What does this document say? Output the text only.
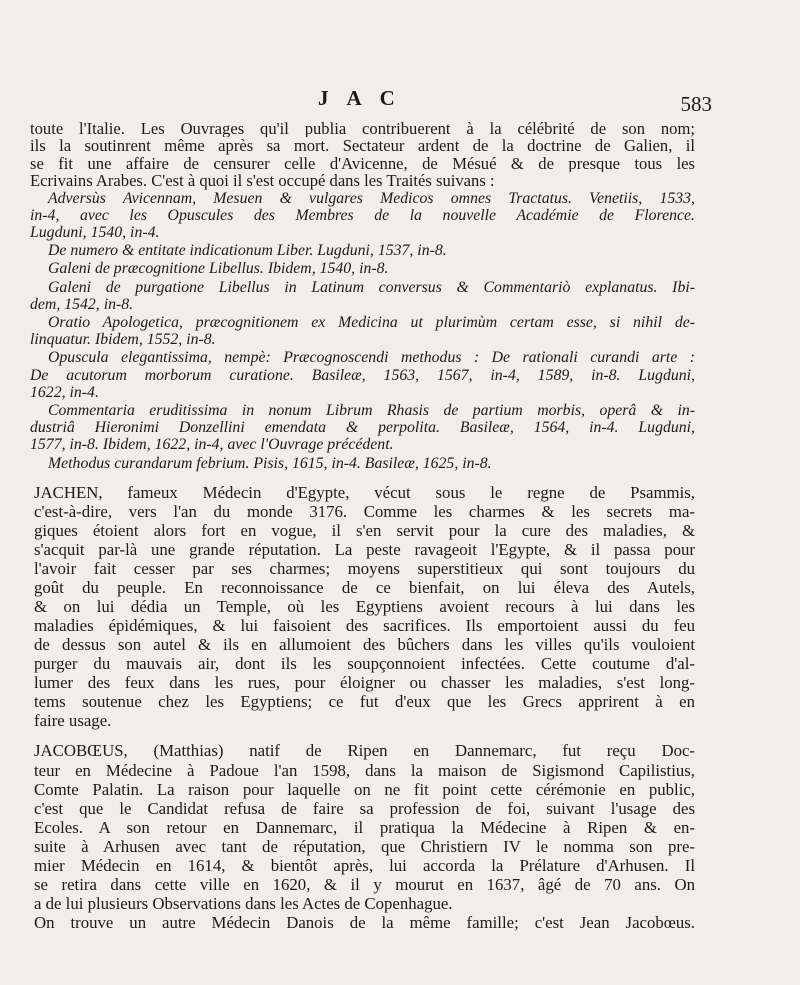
JAC	583

toute l'Italie. Les Ouvrages qu'il publia contribuerent à la célébrité de son nom;
ils la soutinrent même après sa mort. Sectateur ardent de la doctrine de Galien, il
se fit une affaire de censurer celle d'Avicenne, de Mésué & de presque tous les
Ecrivains Arabes. C'est à quoi il s'est occupé dans les Traités suivans :

Adversùs Avicennam, Mesuen & vulgares Medicos omnes Tractatus. Venetiis, 1533,
in-4, avec les Opuscules des Membres de la nouvelle Académie de Florence.
Lugduni, 1540, in-4.

De numero & entitate indicationum Liber. Lugduni, 1537, in-8.

Galeni de præcognitione Libellus. Ibidem, 1540, in-8.

Galeni de purgatione Libellus in Latinum conversus & Commentariò explanatus. Ibi-
dem, 1542, in-8.

Oratio Apologetica, præcognitionem ex Medicina ut plurimùm certam esse, si nihil de-
linquatur. Ibidem, 1552, in-8.

Opuscula elegantissima, nempè: Præcognoscendi methodus : De rationali curandi arte :
De acutorum morborum curatione. Basileæ, 1563, 1567, in-4, 1589, in-8. Lugduni,
1622, in-4.

Commentaria eruditissima in nonum Librum Rhasis de partium morbis, operâ & in-
dustriâ Hieronimi Donzellini emendata & perpolita. Basileæ, 1564, in-4. Lugduni,
1577, in-8. Ibidem, 1622, in-4, avec l'Ouvrage précédent.

Methodus curandarum febrium. Pisis, 1615, in-4. Basileæ, 1625, in-8.

JACHEN, fameux Médecin d'Egypte, vécut sous le regne de Psammis,
c'est-à-dire, vers l'an du monde 3176. Comme les charmes & les secrets ma-
giques étoient alors fort en vogue, il s'en servit pour la cure des maladies, &
s'acquit par-là une grande réputation. La peste ravageoit l'Egypte, & il passa pour
l'avoir fait cesser par ses charmes; moyens superstitieux qui sont toujours du
goût du peuple. En reconnoissance de ce bienfait, on lui éleva des Autels,
& on lui dédia un Temple, où les Egyptiens avoient recours à lui dans les
maladies épidémiques, & lui faisoient des sacrifices. Ils emportoient aussi du feu
de dessus son autel & ils en allumoient des bûchers dans les villes qu'ils vouloient
purger du mauvais air, dont ils les soupçonnoient infectées. Cette coutume d'al-
lumer des feux dans les rues, pour éloigner ou chasser les maladies, s'est long-
tems soutenue chez les Egyptiens; ce fut d'eux que les Grecs apprirent à en
faire usage.

JACOBŒUS, (Matthias) natif de Ripen en Dannemarc, fut reçu Doc-
teur en Médecine à Padoue l'an 1598, dans la maison de Sigismond Capilistius,
Comte Palatin. La raison pour laquelle on ne fit point cette cérémonie en public,
c'est que le Candidat refusa de faire sa profession de foi, suivant l'usage des
Ecoles. A son retour en Dannemarc, il pratiqua la Médecine à Ripen & en-
suite à Arhusen avec tant de réputation, que Christiern IV le nomma son pre-
mier Médecin en 1614, & bientôt après, lui accorda la Prélature d'Arhusen. Il
se retira dans cette ville en 1620, & il y mourut en 1637, âgé de 70 ans. On
a de lui plusieurs Observations dans les Actes de Copenhague.
On trouve un autre Médecin Danois de la même famille; c'est Jean Jacobœus.
